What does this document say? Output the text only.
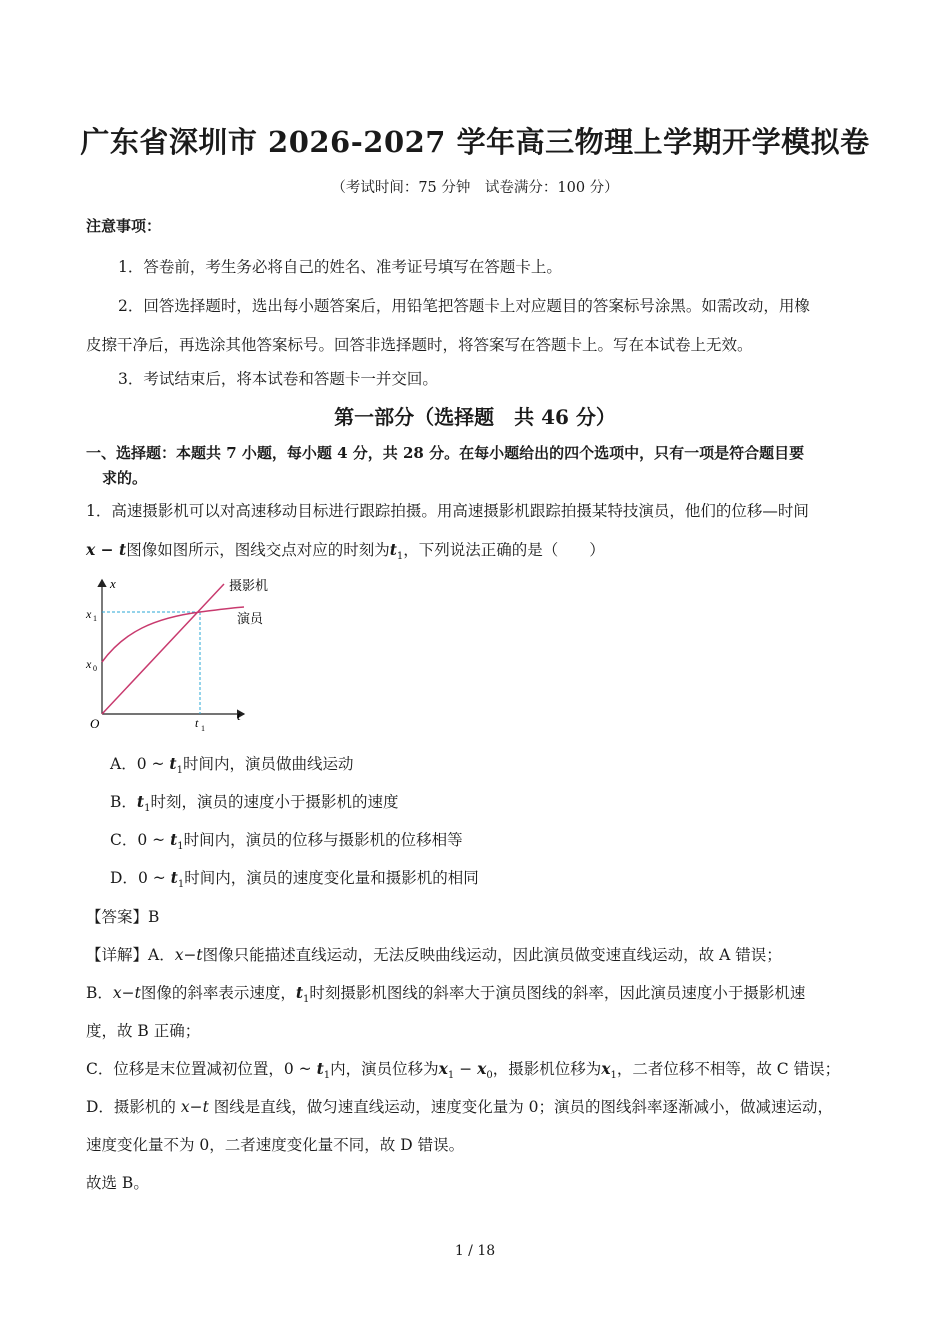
广东省深圳市 2026-2027 学年高三物理上学期开学模拟卷
（考试时间：75 分钟　试卷满分：100 分）
注意事项：
1．答卷前，考生务必将自己的姓名、准考证号填写在答题卡上。
2．回答选择题时，选出每小题答案后，用铅笔把答题卡上对应题目的答案标号涂黑。如需改动，用橡
皮擦干净后，再选涂其他答案标号。回答非选择题时，将答案写在答题卡上。写在本试卷上无效。
3．考试结束后，将本试卷和答题卡一并交回。
第一部分（选择题　共 46 分）
一、选择题：本题共 7 小题，每小题 4 分，共 28 分。在每小题给出的四个选项中，只有一项是符合题目要
求的。
1．高速摄影机可以对高速移动目标进行跟踪拍摄。用高速摄影机跟踪拍摄某特技演员，他们的位移—时间
x − t图像如图所示，图线交点对应的时刻为$t_1$，下列说法正确的是（　　）
x
t
O
x 1
x 0
t 1
摄影机
演员
A．0 ~ $t_1$时间内，演员做曲线运动
B．$t_1$时刻，演员的速度小于摄影机的速度
C．0 ~ $t_1$时间内，演员的位移与摄影机的位移相等
D．0 ~ $t_1$时间内，演员的速度变化量和摄影机的相同
【答案】B
【详解】A．x−t图像只能描述直线运动，无法反映曲线运动，因此演员做变速直线运动，故 A 错误；
B．x−t图像的斜率表示速度，$t_1$时刻摄影机图线的斜率大于演员图线的斜率，因此演员速度小于摄影机速
度，故 B 正确；
C．位移是末位置减初位置，0 ~ $t_1$内，演员位移为$x_1 - x_0$，摄影机位移为$x_1$，二者位移不相等，故 C 错误；
D．摄影机的 x−t 图线是直线，做匀速直线运动，速度变化量为 0；演员的图线斜率逐渐减小，做减速运动，
速度变化量不为 0，二者速度变化量不同，故 D 错误。
故选 B。
1 / 18
